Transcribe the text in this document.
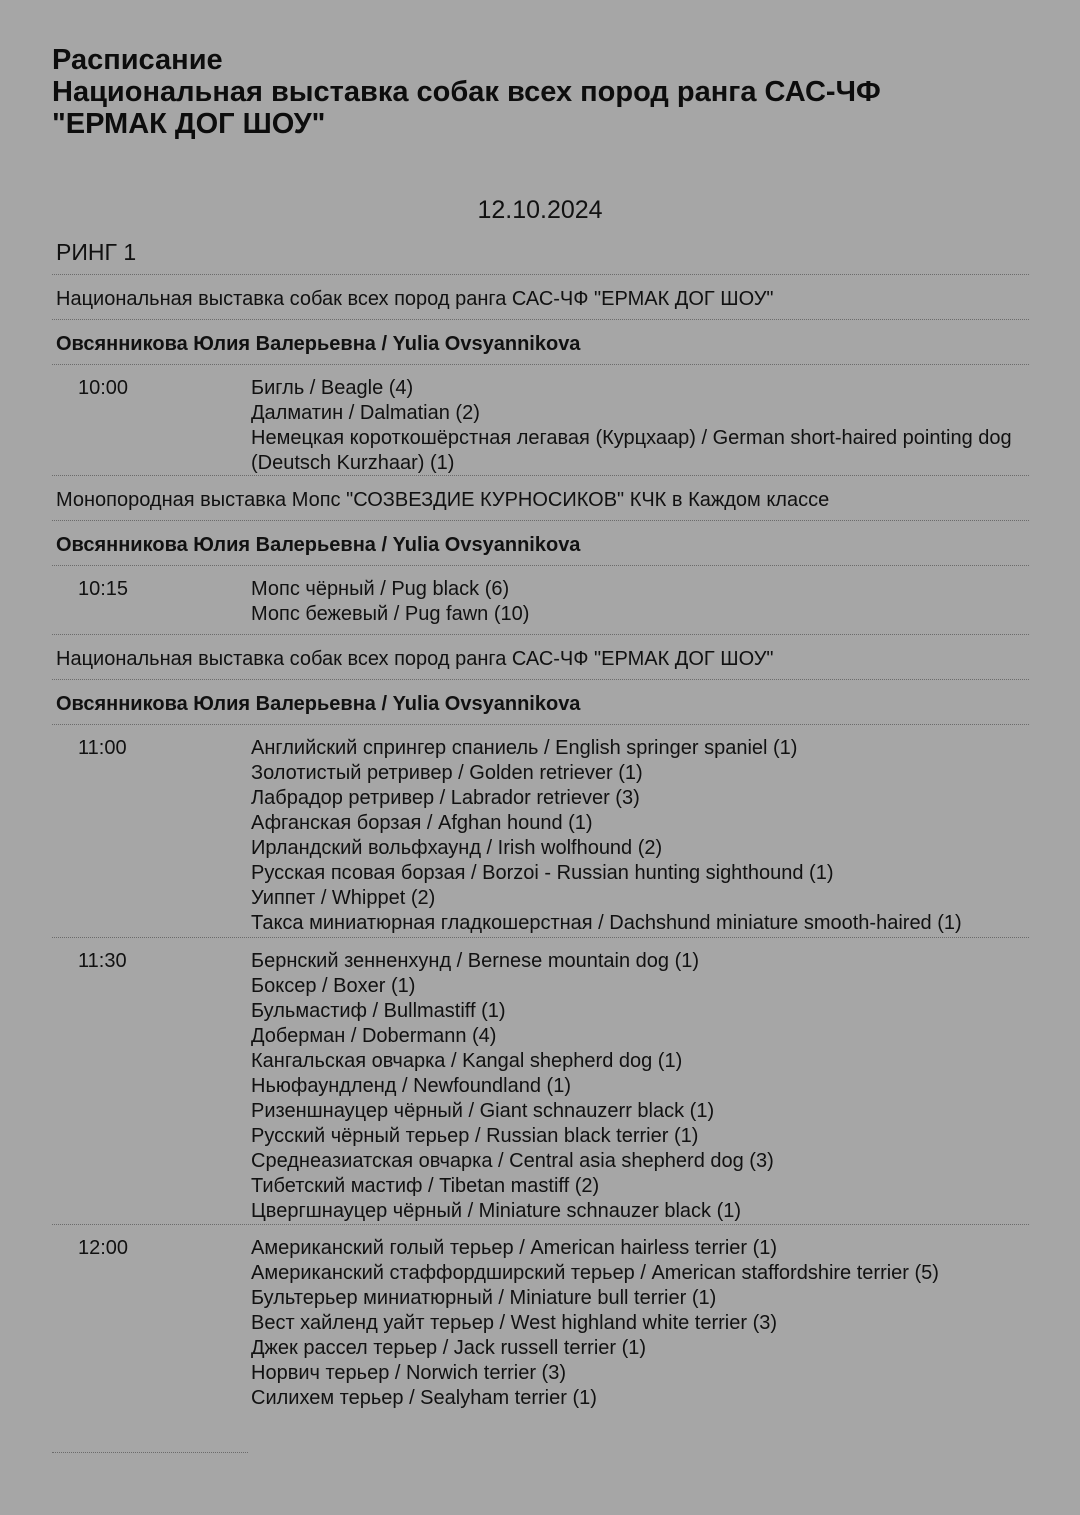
Расписание
Национальная выставка собак всех пород ранга САС-ЧФ
"ЕРМАК ДОГ ШОУ"
12.10.2024
РИНГ 1
Национальная выставка собак всех пород ранга САС-ЧФ "ЕРМАК ДОГ ШОУ"
Овсянникова Юлия Валерьевна / Yulia Ovsyannikova
10:00	Бигль / Beagle (4)
Далматин / Dalmatian (2)
Немецкая короткошёрстная легавая (Курцхаар) / German short-haired pointing dog (Deutsch Kurzhaar) (1)
Монопородная выставка Мопс "СОЗВЕЗДИЕ КУРНОСИКОВ" КЧК в Каждом классе
Овсянникова Юлия Валерьевна / Yulia Ovsyannikova
10:15	Мопс чёрный / Pug black (6)
Мопс бежевый / Pug fawn (10)
Национальная выставка собак всех пород ранга САС-ЧФ "ЕРМАК ДОГ ШОУ"
Овсянникова Юлия Валерьевна / Yulia Ovsyannikova
11:00	Английский спрингер спаниель / English springer spaniel (1)
Золотистый ретривер / Golden retriever (1)
Лабрадор ретривер / Labrador retriever (3)
Афганская борзая / Afghan hound (1)
Ирландский вольфхаунд / Irish wolfhound (2)
Русская псовая борзая / Borzoi - Russian hunting sighthound (1)
Уиппет / Whippet (2)
Такса миниатюрная гладкошерстная / Dachshund miniature smooth-haired (1)
11:30	Бернский зенненхунд / Bernese mountain dog (1)
Боксер / Boxer (1)
Бульмастиф / Bullmastiff (1)
Доберман / Dobermann (4)
Кангальская овчарка / Kangal shepherd dog (1)
Ньюфаундленд / Newfoundland (1)
Ризеншнауцер чёрный / Giant schnauzerr black (1)
Русский чёрный терьер / Russian black terrier (1)
Среднеазиатская овчарка / Central asia shepherd dog (3)
Тибетский мастиф / Tibetan mastiff (2)
Цвергшнауцер чёрный / Miniature schnauzer black (1)
12:00	Американский голый терьер / American hairless terrier (1)
Американский стаффордширский терьер / American staffordshire terrier (5)
Бультерьер миниатюрный / Miniature bull terrier (1)
Вест хайленд уайт терьер / West highland white terrier (3)
Джек рассел терьер / Jack russell terrier (1)
Норвич терьер / Norwich terrier (3)
Силихем терьер / Sealyham terrier (1)
